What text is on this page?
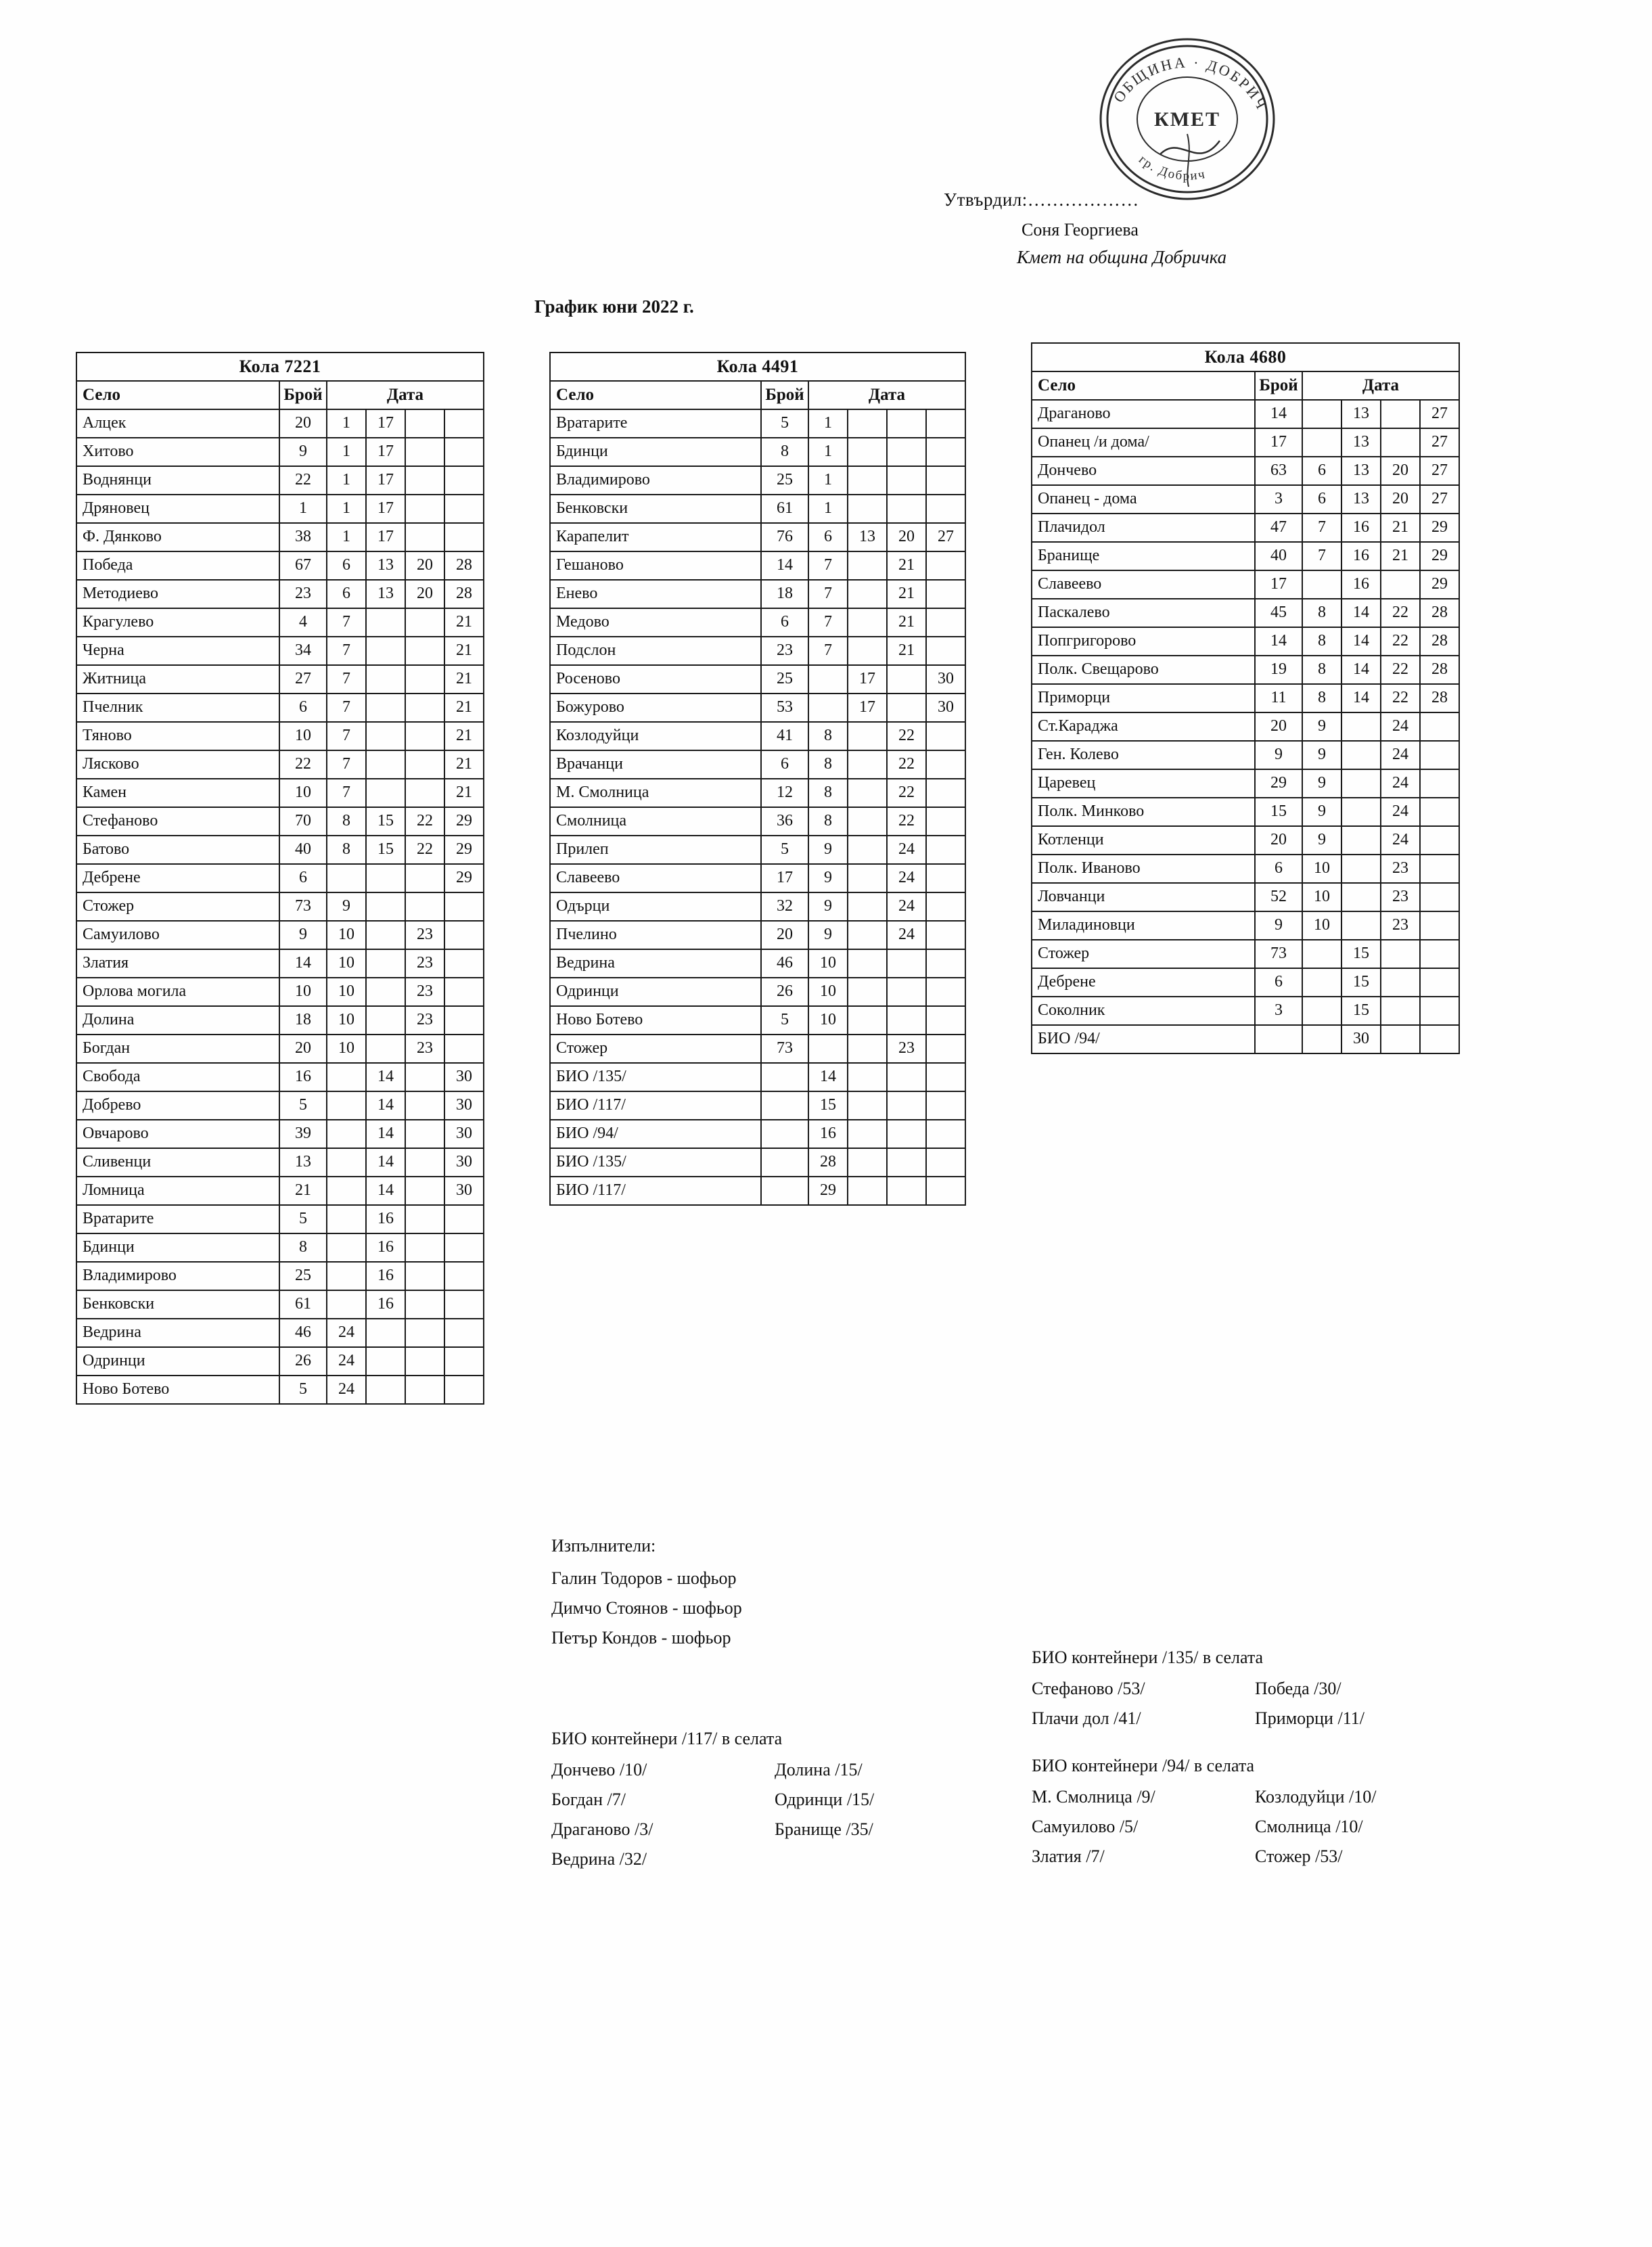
ОБЩИНА · ДОБРИЧ
гр. Добрич
КМЕТ
Утвърдил:………………
Соня Георгиева
Кмет на община Добричка
График юни 2022 г.
Кола 7221					
Село	Брой	Дата			
Алцек	20	1	17		
Хитово	9	1	17		
Воднянци	22	1	17		
Дряновец	1	1	17		
Ф. Дянково	38	1	17		
Победа	67	6	13	20	28
Методиево	23	6	13	20	28
Крагулево	4	7			21
Черна	34	7			21
Житница	27	7			21
Пчелник	6	7			21
Тяново	10	7			21
Лясково	22	7			21
Камен	10	7			21
Стефаново	70	8	15	22	29
Батово	40	8	15	22	29
Дебрене	6				29
Стожер	73	9			
Самуилово	9	10		23	
Златия	14	10		23	
Орлова могила	10	10		23	
Долина	18	10		23	
Богдан	20	10		23	
Свобода	16		14		30
Добрево	5		14		30
Овчарово	39		14		30
Сливенци	13		14		30
Ломница	21		14		30
Вратарите	5		16		
Бдинци	8		16		
Владимирово	25		16		
Бенковски	61		16		
Ведрина	46	24			
Одринци	26	24			
Ново Ботево	5	24			
Кола 4491					
Село	Брой	Дата			
Вратарите	5	1			
Бдинци	8	1			
Владимирово	25	1			
Бенковски	61	1			
Карапелит	76	6	13	20	27
Гешаново	14	7		21	
Енево	18	7		21	
Медово	6	7		21	
Подслон	23	7		21	
Росеново	25		17		30
Божурово	53		17		30
Козлодуйци	41	8		22	
Врачанци	6	8		22	
М. Смолница	12	8		22	
Смолница	36	8		22	
Прилеп	5	9		24	
Славеево	17	9		24	
Одърци	32	9		24	
Пчелино	20	9		24	
Ведрина	46	10			
Одринци	26	10			
Ново Ботево	5	10			
Стожер	73			23	
БИО /135/		14			
БИО /117/		15			
БИО /94/		16			
БИО /135/		28			
БИО /117/		29			
Кола 4680					
Село	Брой	Дата			
Драганово	14		13		27
Опанец /и дома/	17		13		27
Дончево	63	6	13	20	27
Опанец - дома	3	6	13	20	27
Плачидол	47	7	16	21	29
Бранище	40	7	16	21	29
Славеево	17		16		29
Паскалево	45	8	14	22	28
Попгригорово	14	8	14	22	28
Полк. Свещарово	19	8	14	22	28
Приморци	11	8	14	22	28
Ст.Караджа	20	9		24	
Ген. Колево	9	9		24	
Царевец	29	9		24	
Полк. Минково	15	9		24	
Котленци	20	9		24	
Полк. Иваново	6	10		23	
Ловчанци	52	10		23	
Миладиновци	9	10		23	
Стожер	73		15		
Дебрене	6		15		
Соколник	3		15		
БИО /94/			30		
Изпълнители:
Галин Тодоров - шофьор
Димчо Стоянов - шофьор
Петър Кондов - шофьор
БИО контейнери /117/ в селата
Дончево /10/	Долина /15/
Богдан /7/	Одринци /15/
Драганово /3/	Бранище /35/
Ведрина /32/
БИО контейнери /135/ в селата
Стефаново /53/	Победа /30/
Плачи дол /41/	Приморци /11/
БИО контейнери /94/ в селата
М. Смолница /9/	Козлодуйци /10/
Самуилово /5/	Смолница /10/
Златия /7/	Стожер /53/
